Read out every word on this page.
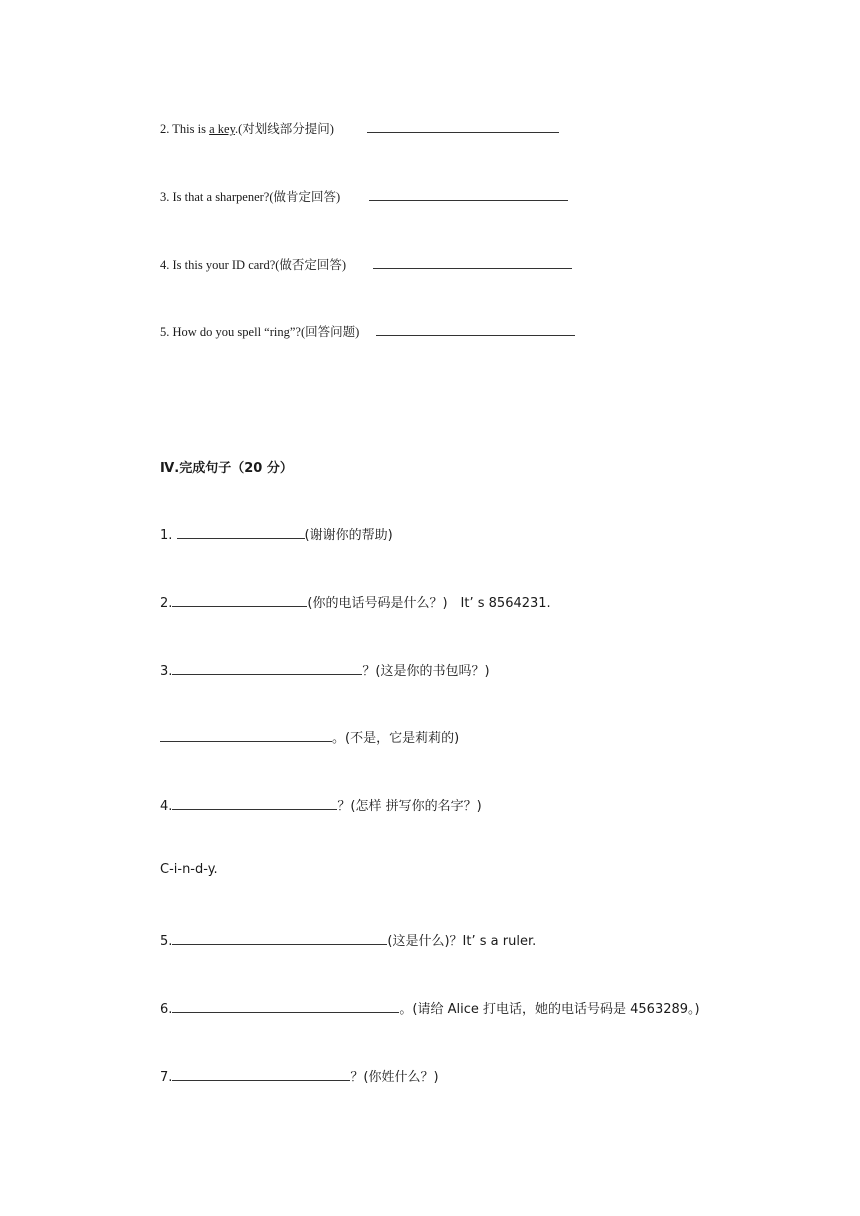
2. This is a key.(对划线部分提问)
3. Is that a sharpener?(做肯定回答)
4. Is this your ID card?(做否定回答)
5. How do you spell “ring”?(回答问题)
Ⅳ.完成句子（20 分）
1.	(谢谢你的帮助)
2.	(你的电话号码是什么？)　It’ s 8564231.
3.	？(这是你的书包吗？)
。(不是，它是莉莉的)
4.	？(怎样 拼写你的名字？)
C-i-n-d-y.
5.	(这是什么)？It’ s a ruler.
6.	。(请给 Alice 打电话，她的电话号码是 4563289。)
7.	？(你姓什么？)
